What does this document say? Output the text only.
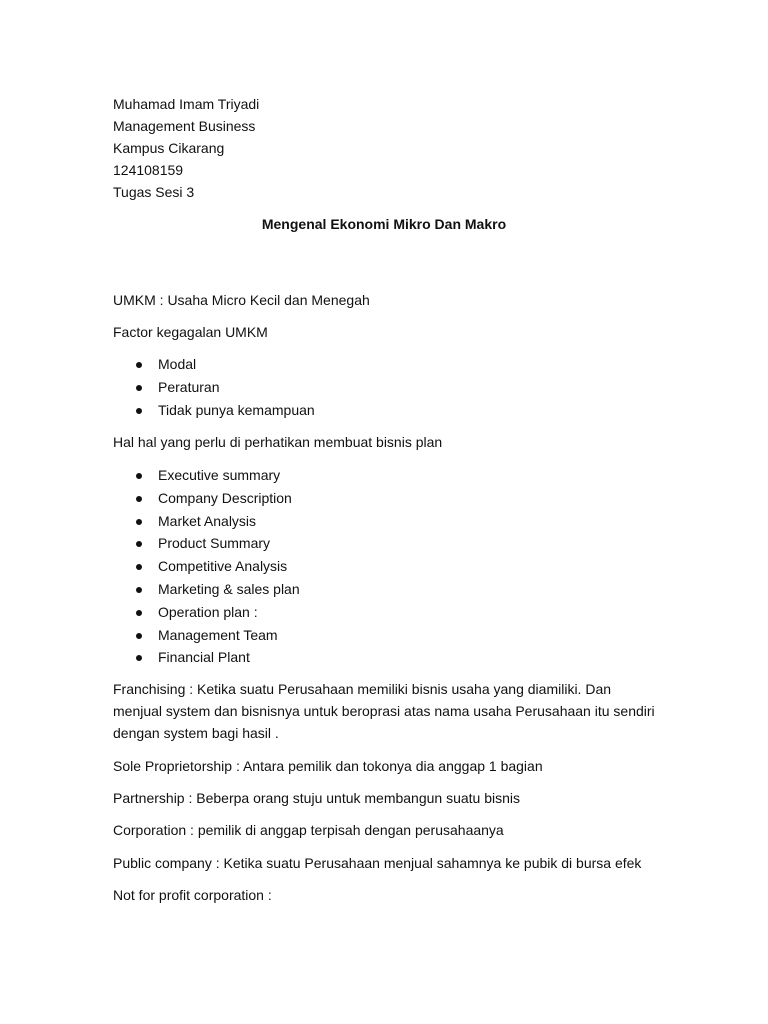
Muhamad Imam Triyadi
Management Business
Kampus Cikarang
124108159
Tugas Sesi 3
Mengenal Ekonomi Mikro Dan Makro
UMKM : Usaha Micro Kecil dan Menegah
Factor kegagalan UMKM
Modal
Peraturan
Tidak punya kemampuan
Hal hal yang perlu di perhatikan membuat bisnis plan
Executive summary
Company Description
Market Analysis
Product Summary
Competitive Analysis
Marketing & sales plan
Operation plan :
Management Team
Financial Plant
Franchising : Ketika suatu Perusahaan memiliki bisnis usaha yang diamiliki. Dan menjual system dan bisnisnya untuk beroprasi atas nama usaha Perusahaan itu sendiri dengan system bagi hasil .
Sole Proprietorship : Antara pemilik dan tokonya dia anggap 1 bagian
Partnership : Beberpa orang stuju untuk membangun suatu bisnis
Corporation : pemilik di anggap terpisah dengan perusahaanya
Public company : Ketika suatu Perusahaan menjual sahamnya ke pubik di bursa efek
Not for profit corporation :
